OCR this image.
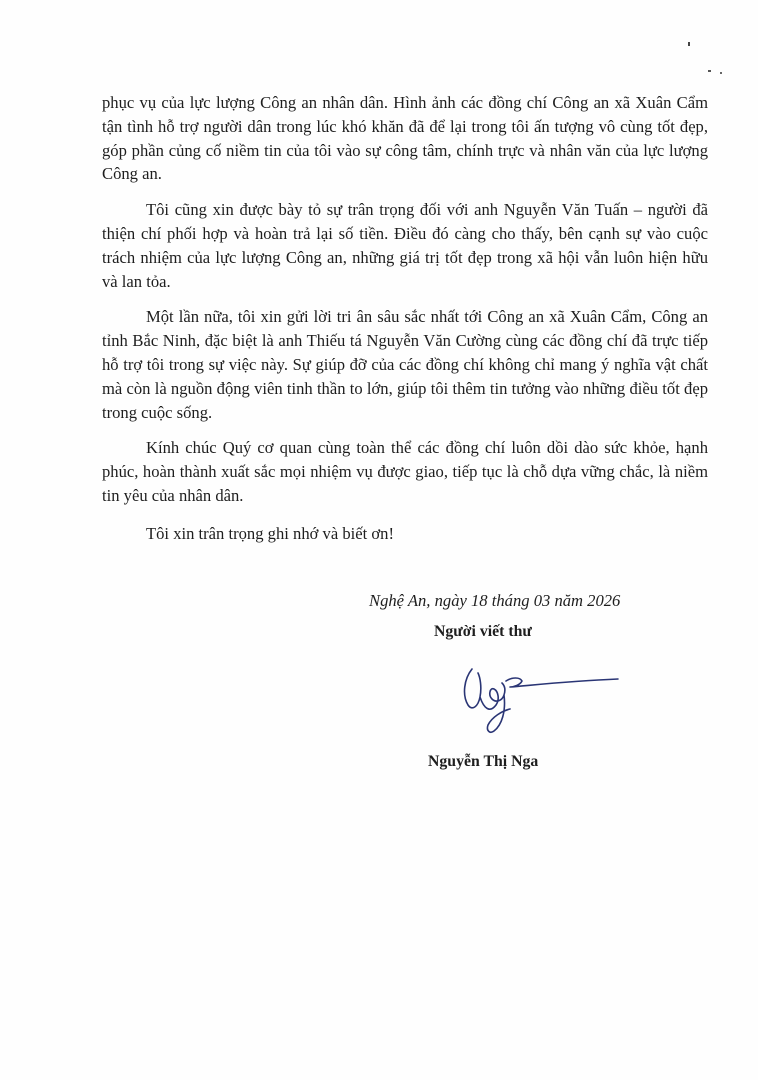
phục vụ của lực lượng Công an nhân dân. Hình ảnh các đồng chí Công an xã Xuân Cẩm tận tình hỗ trợ người dân trong lúc khó khăn đã để lại trong tôi ấn tượng vô cùng tốt đẹp, góp phần củng cố niềm tin của tôi vào sự công tâm, chính trực và nhân văn của lực lượng Công an.

Tôi cũng xin được bày tỏ sự trân trọng đối với anh Nguyễn Văn Tuấn – người đã thiện chí phối hợp và hoàn trả lại số tiền. Điều đó càng cho thấy, bên cạnh sự vào cuộc trách nhiệm của lực lượng Công an, những giá trị tốt đẹp trong xã hội vẫn luôn hiện hữu và lan tỏa.

Một lần nữa, tôi xin gửi lời tri ân sâu sắc nhất tới Công an xã Xuân Cẩm, Công an tỉnh Bắc Ninh, đặc biệt là anh Thiếu tá Nguyễn Văn Cường cùng các đồng chí đã trực tiếp hỗ trợ tôi trong sự việc này. Sự giúp đỡ của các đồng chí không chỉ mang ý nghĩa vật chất mà còn là nguồn động viên tinh thần to lớn, giúp tôi thêm tin tưởng vào những điều tốt đẹp trong cuộc sống.

Kính chúc Quý cơ quan cùng toàn thể các đồng chí luôn dồi dào sức khỏe, hạnh phúc, hoàn thành xuất sắc mọi nhiệm vụ được giao, tiếp tục là chỗ dựa vững chắc, là niềm tin yêu của nhân dân.

Tôi xin trân trọng ghi nhớ và biết ơn!
Nghệ An, ngày 18 tháng 03 năm 2026
Người viết thư
Nguyễn Thị Nga
